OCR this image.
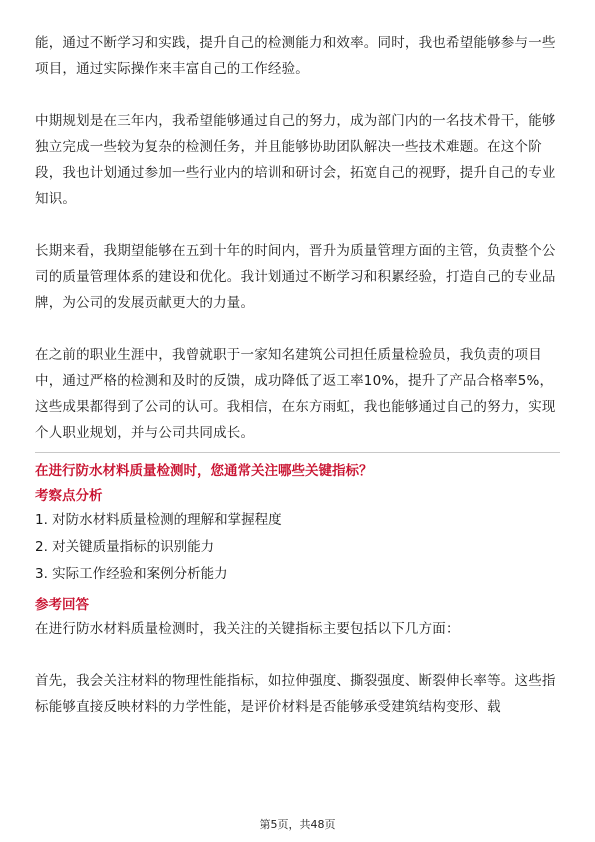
能，通过不断学习和实践，提升自己的检测能力和效率。同时，我也希望能够参与一些项目，通过实际操作来丰富自己的工作经验。

中期规划是在三年内，我希望能够通过自己的努力，成为部门内的一名技术骨干，能够独立完成一些较为复杂的检测任务，并且能够协助团队解决一些技术难题。在这个阶段，我也计划通过参加一些行业内的培训和研讨会，拓宽自己的视野，提升自己的专业知识。

长期来看，我期望能够在五到十年的时间内，晋升为质量管理方面的主管，负责整个公司的质量管理体系的建设和优化。我计划通过不断学习和积累经验，打造自己的专业品牌，为公司的发展贡献更大的力量。

在之前的职业生涯中，我曾就职于一家知名建筑公司担任质量检验员，我负责的项目中，通过严格的检测和及时的反馈，成功降低了返工率10%，提升了产品合格率5%，这些成果都得到了公司的认可。我相信，在东方雨虹，我也能够通过自己的努力，实现个人职业规划，并与公司共同成长。

在进行防水材料质量检测时，您通常关注哪些关键指标？

考察点分析

1. 对防水材料质量检测的理解和掌握程度

2. 对关键质量指标的识别能力

3. 实际工作经验和案例分析能力

参考回答

在进行防水材料质量检测时，我关注的关键指标主要包括以下几方面：

首先，我会关注材料的物理性能指标，如拉伸强度、撕裂强度、断裂伸长率等。这些指标能够直接反映材料的力学性能，是评价材料是否能够承受建筑结构变形、载

第5页，共48页
